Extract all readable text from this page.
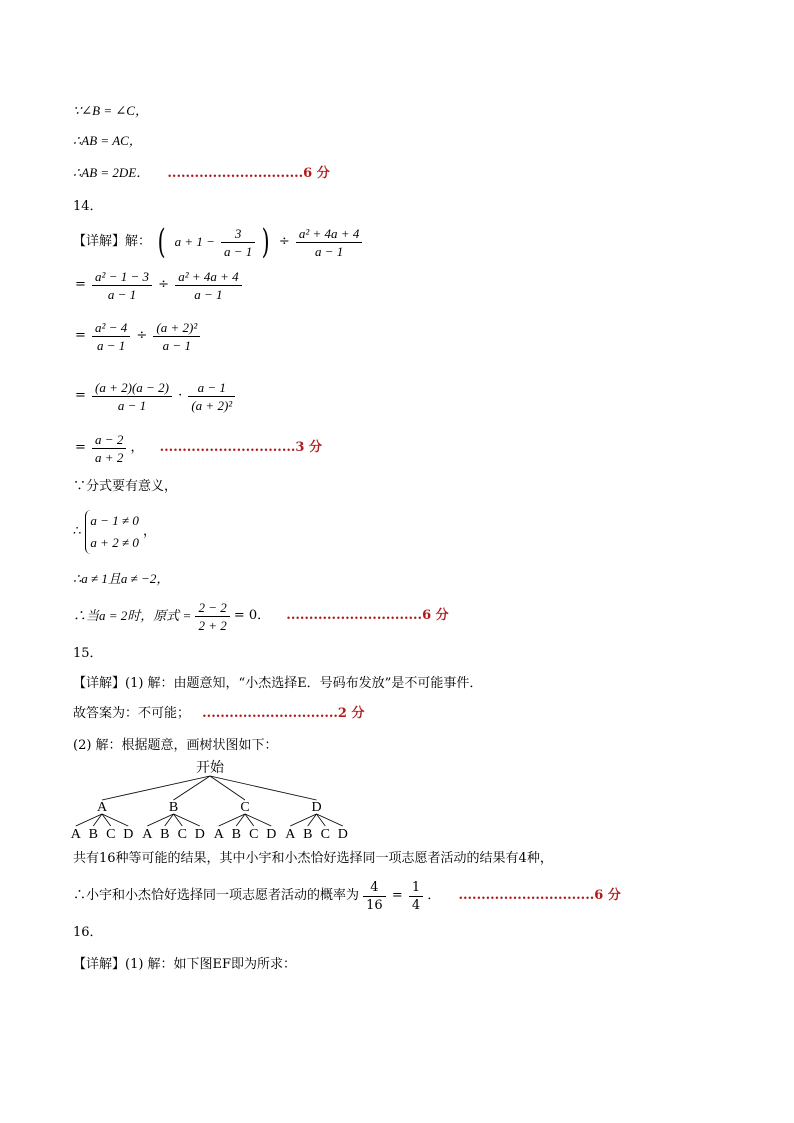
∵∠B = ∠C，
∴AB = AC，
∴AB = 2DE． ..............................6 分
14．
【详解】解： ( $a + 1 - \frac{3}{a - 1}$ ) ÷ $\frac{\text{a² + 4a + 4}}{a - 1}$
= $\frac{\text{a² − 1 − 3}}{a - 1} \div \frac{\text{a² + 4a + 4}}{a - 1}$
= $\frac{\text{a² − 4}}{a - 1} \div \frac{\text{(a + 2)²}}{a - 1}$
= $\frac{(a + 2)(a - 2)}{a - 1} \cdot \frac{a - 1}{\text{(a + 2)²}}$
= $\frac{a - 2}{a + 2}$ ， ..............................3 分
∵分式要有意义，
∴
a − 1 ≠ 0
a + 2 ≠ 0
，
∴a ≠ 1且a ≠ −2，
∴当a = 2时，原式 = $\frac{2 - 2}{2 + 2} = 0$． ..............................6 分
15．
【详解】(1) 解：由题意知，“小杰选择E．号码布发放”是不可能事件．
故答案为：不可能； ..............................2 分
(2) 解：根据题意，画树状图如下：
开始
A
A B C D
B
A B C D
C
A B C D
D
A B C D
共有16种等可能的结果，其中小宇和小杰恰好选择同一项志愿者活动的结果有4种，
∴小宇和小杰恰好选择同一项志愿者活动的概率为 $\frac{4}{16} = \frac{1}{4}$ ． ..............................6 分
16．
【详解】(1) 解：如下图EF即为所求：
